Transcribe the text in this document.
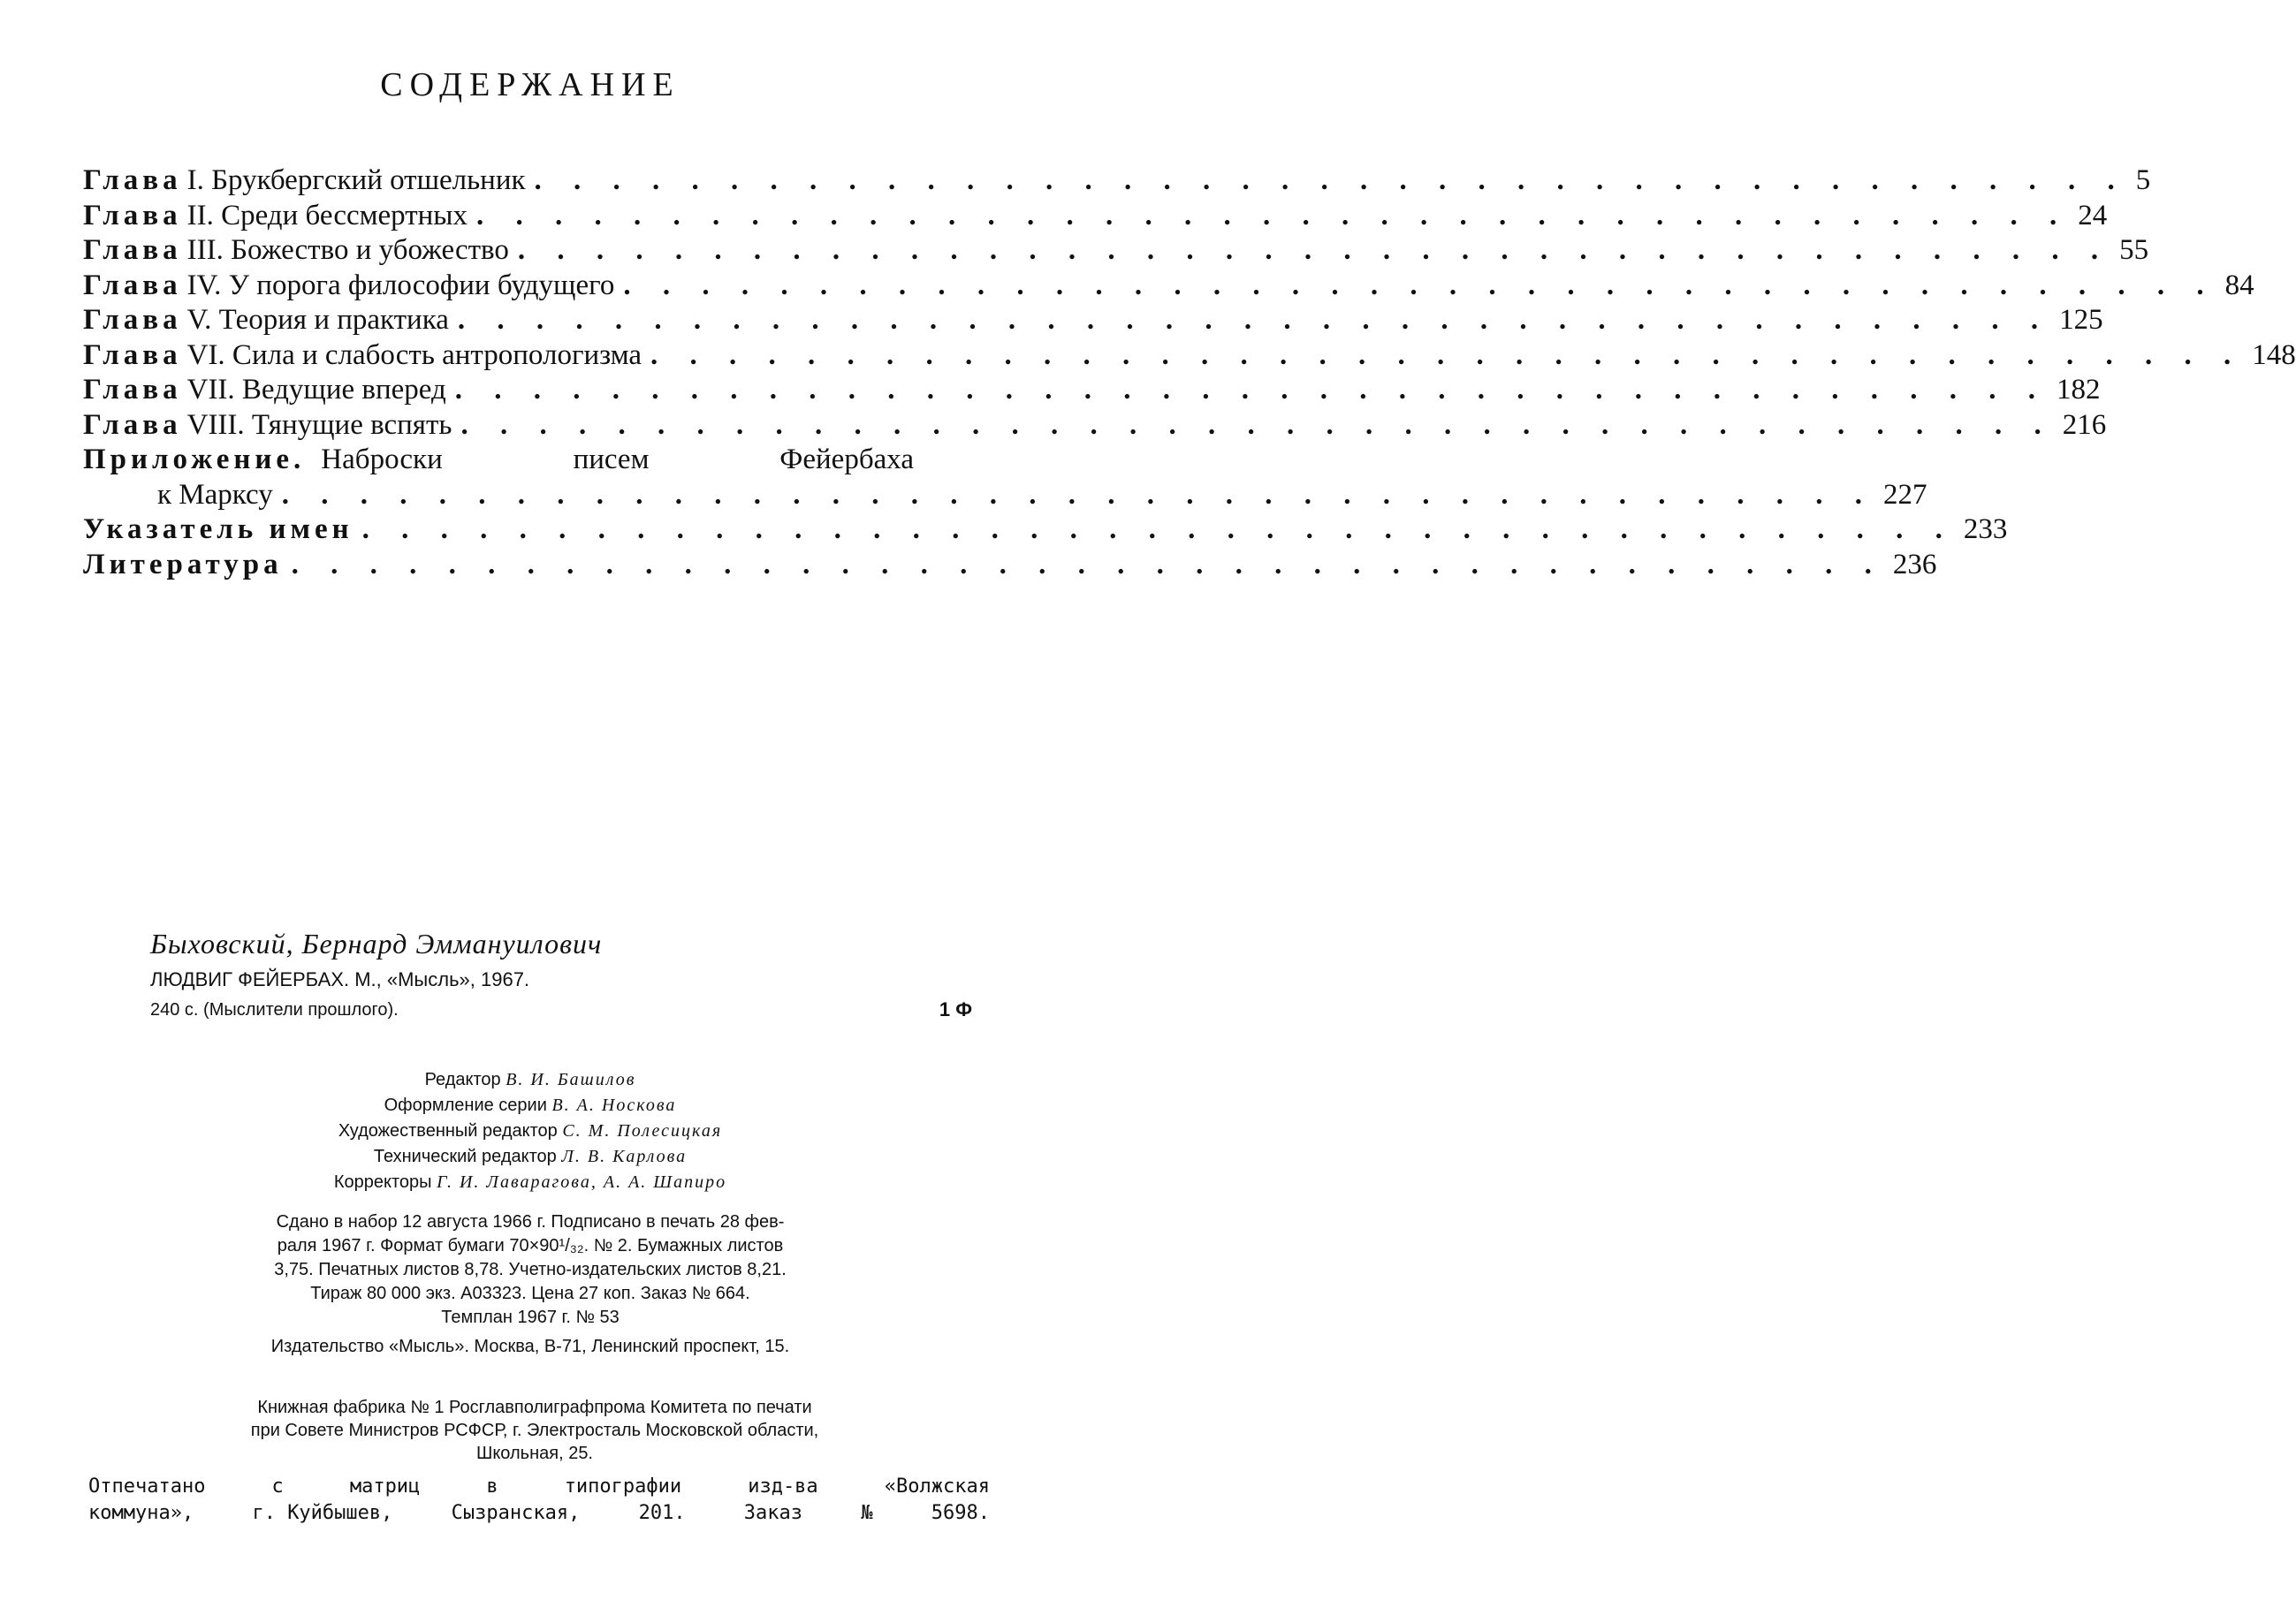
СОДЕРЖАНИЕ
Глава I. Брукбергский отшельник . . . . . . . . . . . . . . . . . . . . . . . . . . . . . . . . . . . . . . . . . 5
Глава II. Среди бессмертных . . . . . . . . . . . . . . . . . . . . . . . . . . . . . . . . . . . . . . . . . 24
Глава III. Божество и убожество . . . . . . . . . . . . . . . . . . . . . . . . . . . . . . . . . . . . . . . . . 55
Глава IV. У порога философии будущего . . . . . . . . . . . . . . . . . . . . . . . . . . . . . . . . . . . . . . . . . 84
Глава V. Теория и практика . . . . . . . . . . . . . . . . . . . . . . . . . . . . . . . . . . . . . . . . . 125
Глава VI. Сила и слабость антропологизма . . . . . . . . . . . . . . . . . . . . . . . . . . . . . . . . . . . . . . . . . 148
Глава VII. Ведущие вперед . . . . . . . . . . . . . . . . . . . . . . . . . . . . . . . . . . . . . . . . . 182
Глава VIII. Тянущие вспять . . . . . . . . . . . . . . . . . . . . . . . . . . . . . . . . . . . . . . . . . 216
Приложение. Наброски	писем	Фейербаха
к Марксу . . . . . . . . . . . . . . . . . . . . . . . . . . . . . . . . . . . . . . . . . 227
Указатель имен . . . . . . . . . . . . . . . . . . . . . . . . . . . . . . . . . . . . . . . . . 233
Литература . . . . . . . . . . . . . . . . . . . . . . . . . . . . . . . . . . . . . . . . . 236
Быховский, Бернард Эммануилович
ЛЮДВИГ ФЕЙЕРБАХ. М., «Мысль», 1967.
240 с. (Мыслители прошлого).	1 Ф
Редактор В. И. Башилов
Оформление серии В. А. Носкова
Художественный редактор С. М. Полесицкая
Технический редактор Л. В. Карлова
Корректоры Г. И. Лаварагова, А. А. Шапиро
Сдано в набор 12 августа 1966 г. Подписано в печать 28 фев-
раля 1967 г. Формат бумаги 70×90¹/₃₂. № 2. Бумажных листов
3,75. Печатных листов 8,78. Учетно-издательских листов 8,21.
Тираж 80 000 экз. А03323. Цена 27 коп. Заказ № 664.
Темплан 1967 г. № 53
Издательство «Мысль». Москва, В-71, Ленинский проспект, 15.
Книжная фабрика № 1 Росглавполиграфпрома Комитета по печати
при Совете Министров РСФСР, г. Электросталь Московской области,
Школьная, 25.
Отпечатано	с	матриц	в	типографии	изд-ва	«Волжская
коммуна»,	г. Куйбышев,	Сызранская,	201.	Заказ	№	5698.
